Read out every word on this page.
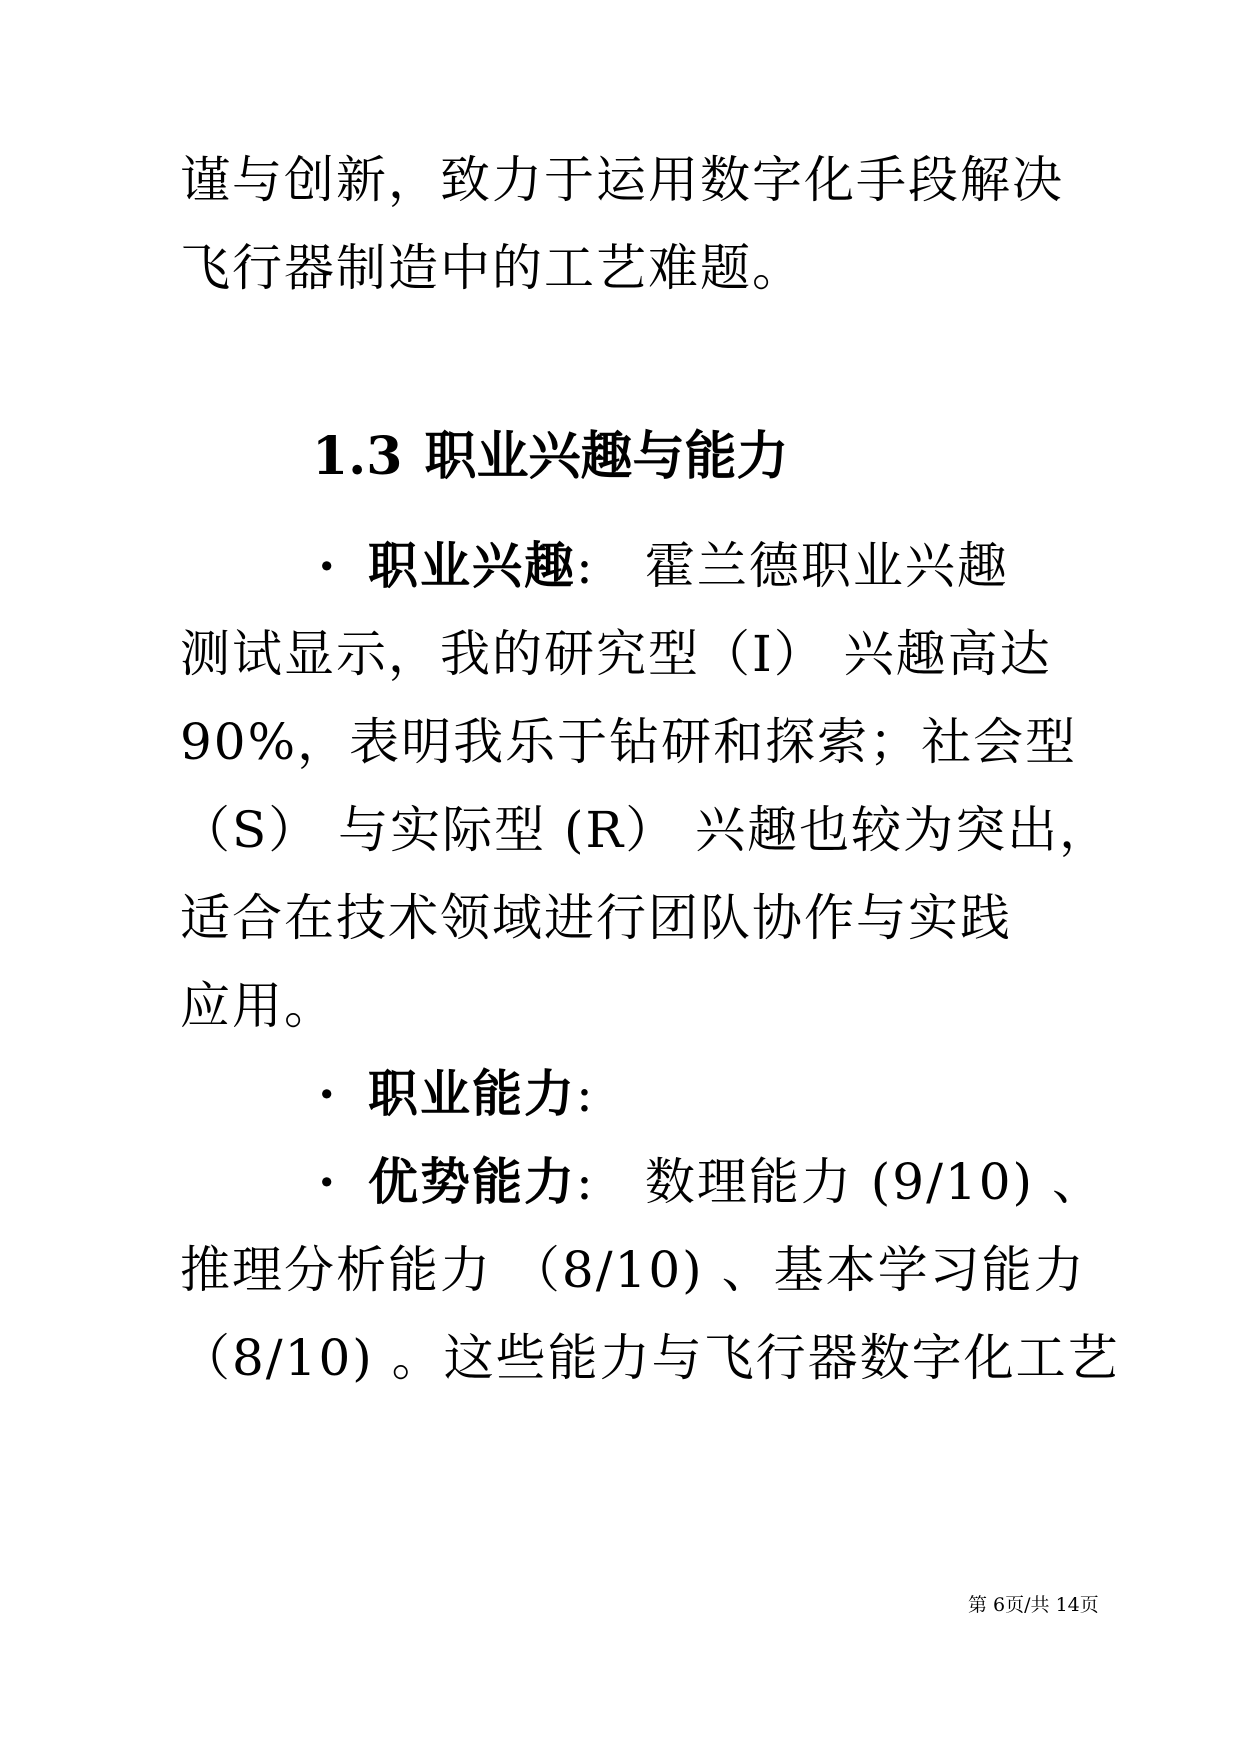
谨与创新，致力于运用数字化手段解决
飞行器制造中的工艺难题。
1.3 职业兴趣与能力
· 职业兴趣: 霍兰德职业兴趣
测试显示，我的研究型（I） 兴趣高达
90%，表明我乐于钻研和探索；社会型
（S） 与实际型 (R） 兴趣也较为突出，
适合在技术领域进行团队协作与实践
应用。
· 职业能力:
· 优势能力: 数理能力 (9/10) 、
推理分析能力 （8/10) 、基本学习能力
（8/10) 。这些能力与飞行器数字化工艺
第 6页/共 14页
